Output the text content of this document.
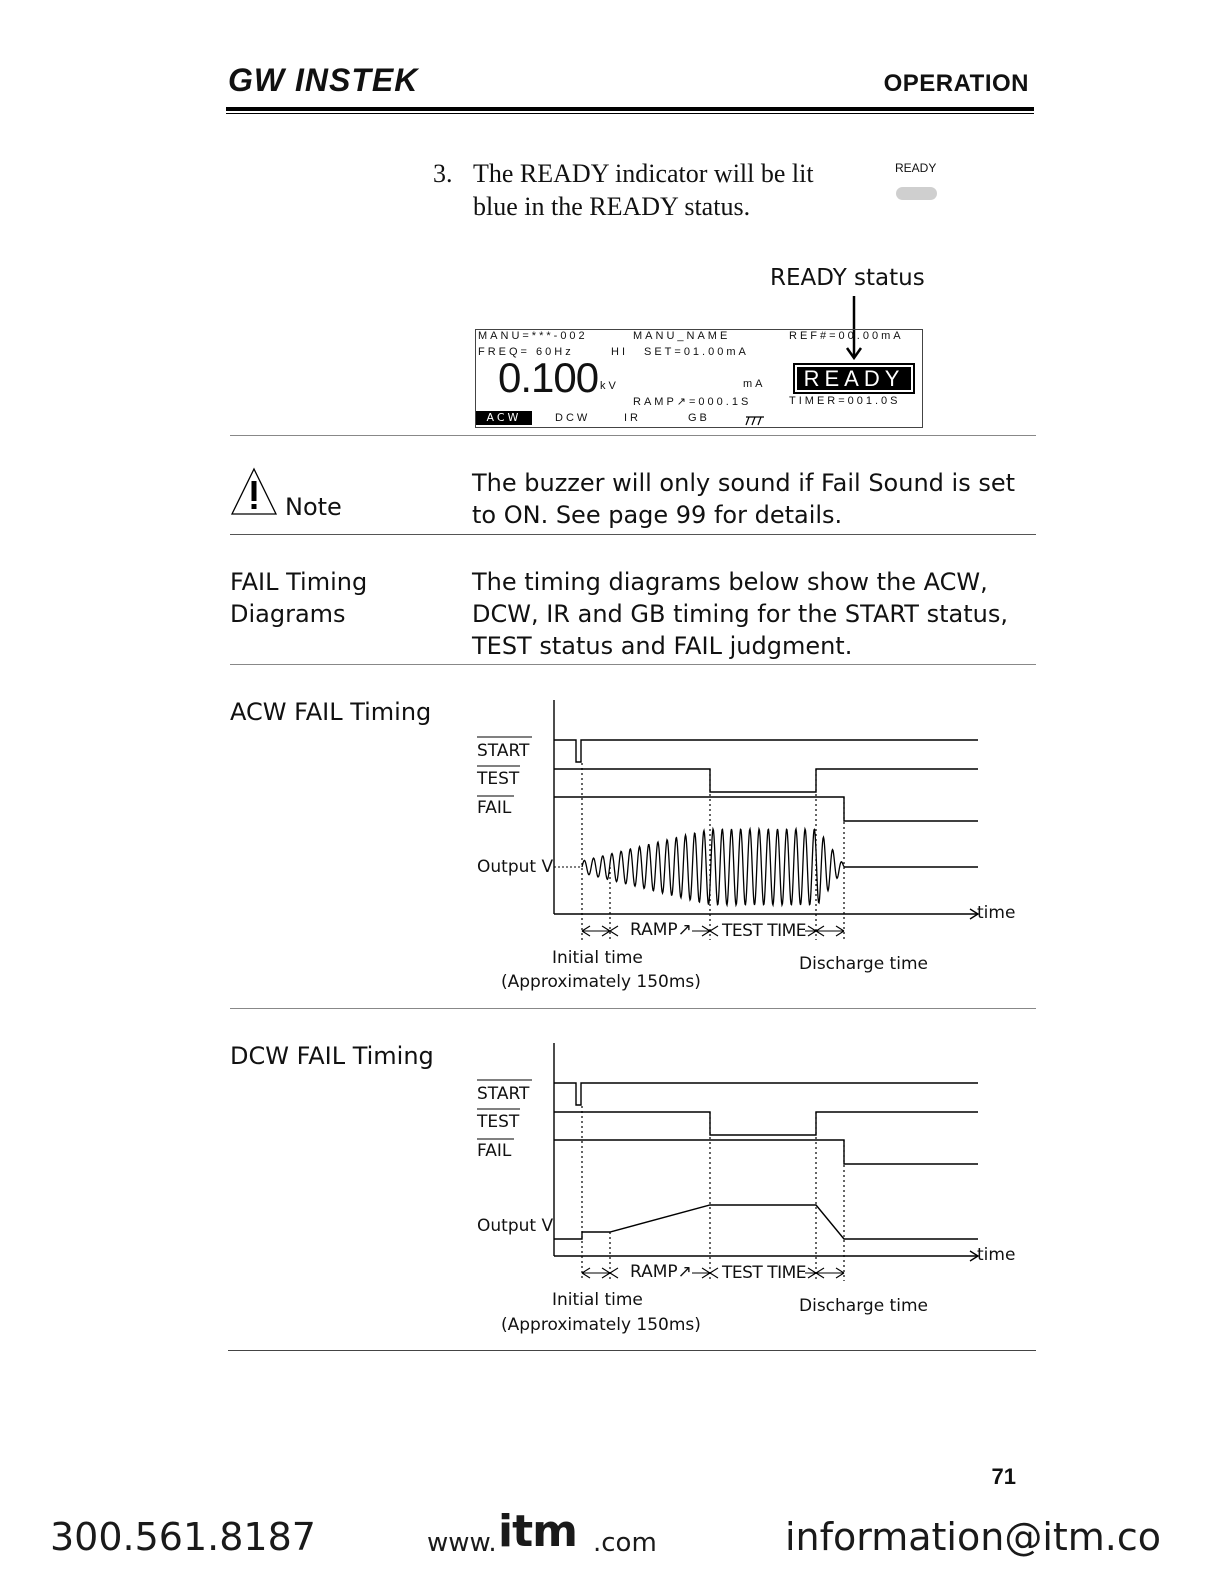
GW INSTEK	OPERATION
3. The READY indicator will be lit blue in the READY status.
READY
READY status
MANU=***-002	MANU_NAME	REF#=00.00mA
FREQ= 60Hz	HI SET=01.00mA
0.100 kV	mA READY
RAMP↗=000.1S	TIMER=001.0S
ACW	DCW	IR	GB
Note
The buzzer will only sound if Fail Sound is set to ON. See page 99 for details.
FAIL Timing Diagrams
The timing diagrams below show the ACW, DCW, IR and GB timing for the START status, TEST status and FAIL judgment.
ACW FAIL Timing
START
TEST
FAIL
Output V
time
RAMP↗ TEST TIME
Initial time
(Approximately 150ms)
Discharge time
DCW FAIL Timing
START
TEST
FAIL
Output V
time
RAMP↗ TEST TIME
Initial time
(Approximately 150ms)
Discharge time
71
300.561.8187	www. itm .com	information@itm.co
